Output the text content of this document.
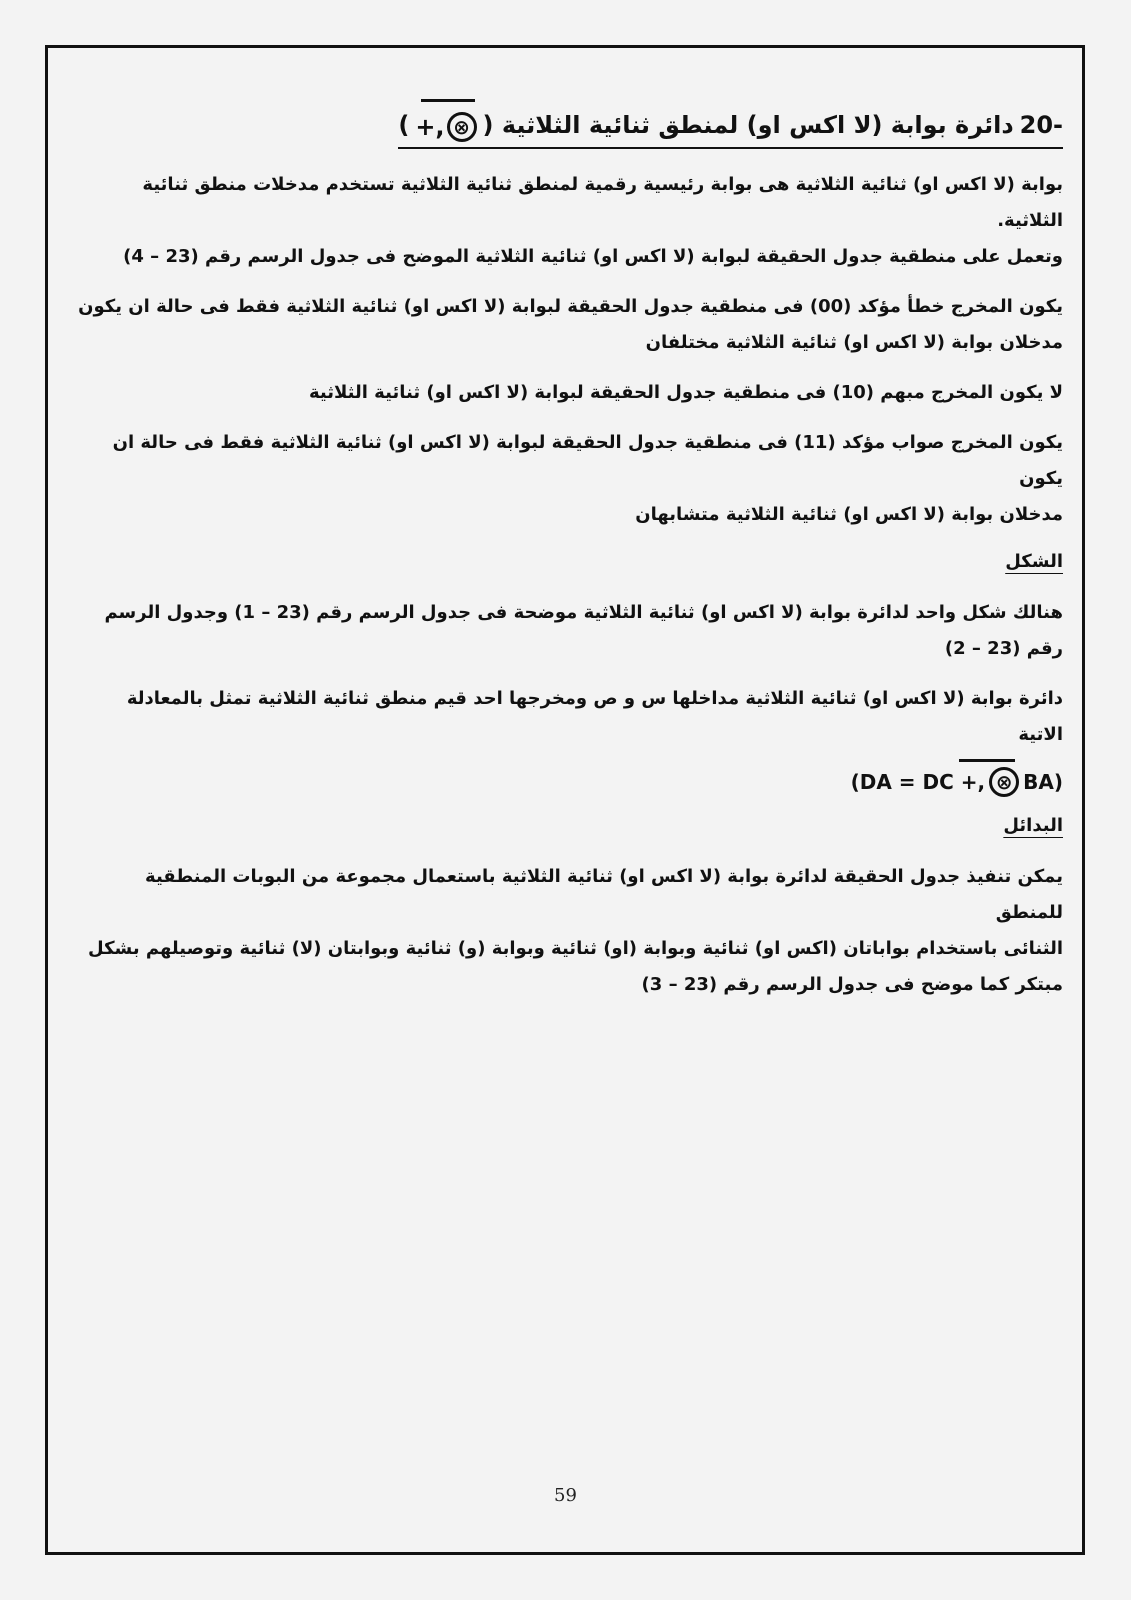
20-
دائرة بوابة (لا اكس او) لمنطق ثنائية الثلاثية (
+, ⊗
)

بوابة (لا اكس او) ثنائية الثلاثية هى بوابة رئيسية رقمية لمنطق ثنائية الثلاثية تستخدم مدخلات منطق ثنائية الثلاثية.

وتعمل على منطقية جدول الحقيقة لبوابة (لا اكس او) ثنائية الثلاثية الموضح فى جدول الرسم رقم (23 – 4)

يكون المخرج خطأ مؤكد (00) فى منطقية جدول الحقيقة لبوابة (لا اكس او) ثنائية الثلاثية فقط فى حالة ان يكون

مدخلان بوابة (لا اكس او) ثنائية الثلاثية مختلفان

لا يكون المخرج مبهم (10) فى منطقية جدول الحقيقة لبوابة (لا اكس او) ثنائية الثلاثية

يكون المخرج صواب مؤكد (11) فى منطقية جدول الحقيقة لبوابة (لا اكس او) ثنائية الثلاثية فقط فى حالة ان يكون

مدخلان بوابة (لا اكس او) ثنائية الثلاثية متشابهان

الشكل

هنالك شكل واحد لدائرة بوابة (لا اكس او) ثنائية الثلاثية موضحة فى جدول الرسم رقم (23 – 1) وجدول الرسم

رقم (23 – 2)

دائرة بوابة (لا اكس او) ثنائية الثلاثية مداخلها س و ص ومخرجها احد قيم منطق ثنائية الثلاثية تمثل بالمعادلة

الاتية

(DA = DC +, ⊗ BA)
البدائل

يمكن تنفيذ جدول الحقيقة لدائرة بوابة (لا اكس او) ثنائية الثلاثية باستعمال مجموعة من البوبات المنطقية للمنطق

الثنائى باستخدام بواباتان (اكس او) ثنائية وبوابة (او) ثنائية وبوابة (و) ثنائية وبوابتان (لا) ثنائية وتوصيلهم بشكل

مبتكر كما موضح فى جدول الرسم رقم (23 – 3)

59
